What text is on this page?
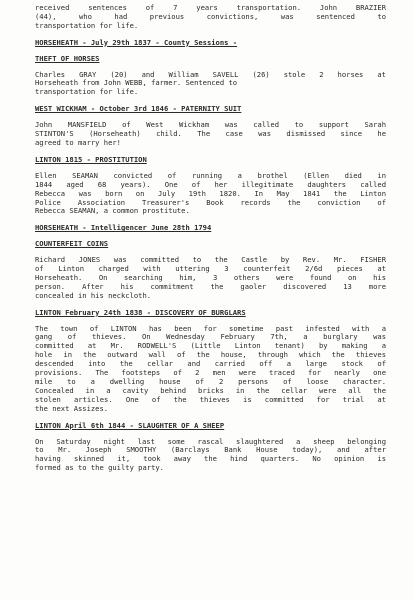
received sentences of 7 years transportation. John BRAZIER
(44), who had previous convictions, was sentenced to
transportation for life.
HORSEHEATH - July 29th 1837 - County Sessions -
THEFT OF HORSES
Charles GRAY (20) and William SAVELL (26) stole 2 horses at
Horseheath from John WEBB, farmer. Sentenced to
transportation for life.
WEST WICKHAM - October 3rd 1846 - PATERNITY SUIT
John MANSFIELD of West Wickham was called to support Sarah
STINTON'S (Horseheath) child. The case was dismissed since he
agreed to marry her!
LINTON 1815 - PROSTITUTION
Ellen SEAMAN convicted of running a brothel (Ellen died in
1844 aged 68 years). One of her illegitimate daughters called
Rebecca was born on July 19th 1820. In May 1841 the Linton
Police Association Treasurer's Book records the conviction of
Rebecca SEAMAN, a common prostitute.
HORSEHEATH - Intelligencer June 28th 1794
COUNTERFEIT COINS
Richard JONES was committed to the Castle by Rev. Mr. FISHER
of Linton charged with uttering 3 counterfeit 2/6d pieces at
Horseheath. On searching him, 3 others were found on his
person. After his commitment the gaoler discovered 13 more
concealed in his neckcloth.
LINTON February 24th 1838 - DISCOVERY OF BURGLARS
The town of LINTON has been for sometime past infested with a
gang of thieves. On Wednesday February 7th, a burglary was
committed at Mr. RODWELL'S (Little Linton tenant) by making a
hole in the outward wall of the house, through which the thieves
descended into the cellar and carried off a large stock of
provisions. The footsteps of 2 men were traced for nearly one
mile to a dwelling house of 2 persons of loose character.
Concealed in a cavity behind bricks in the cellar were all the
stolen articles. One of the thieves is committed for trial at
the next Assizes.
LINTON April 6th 1844 - SLAUGHTER OF A SHEEP
On Saturday night last some rascal slaughtered a sheep belonging
to Mr. Joseph SMOOTHY (Barclays Bank House today), and after
having skinned it, took away the hind quarters. No opinion is
formed as to the guilty party.
